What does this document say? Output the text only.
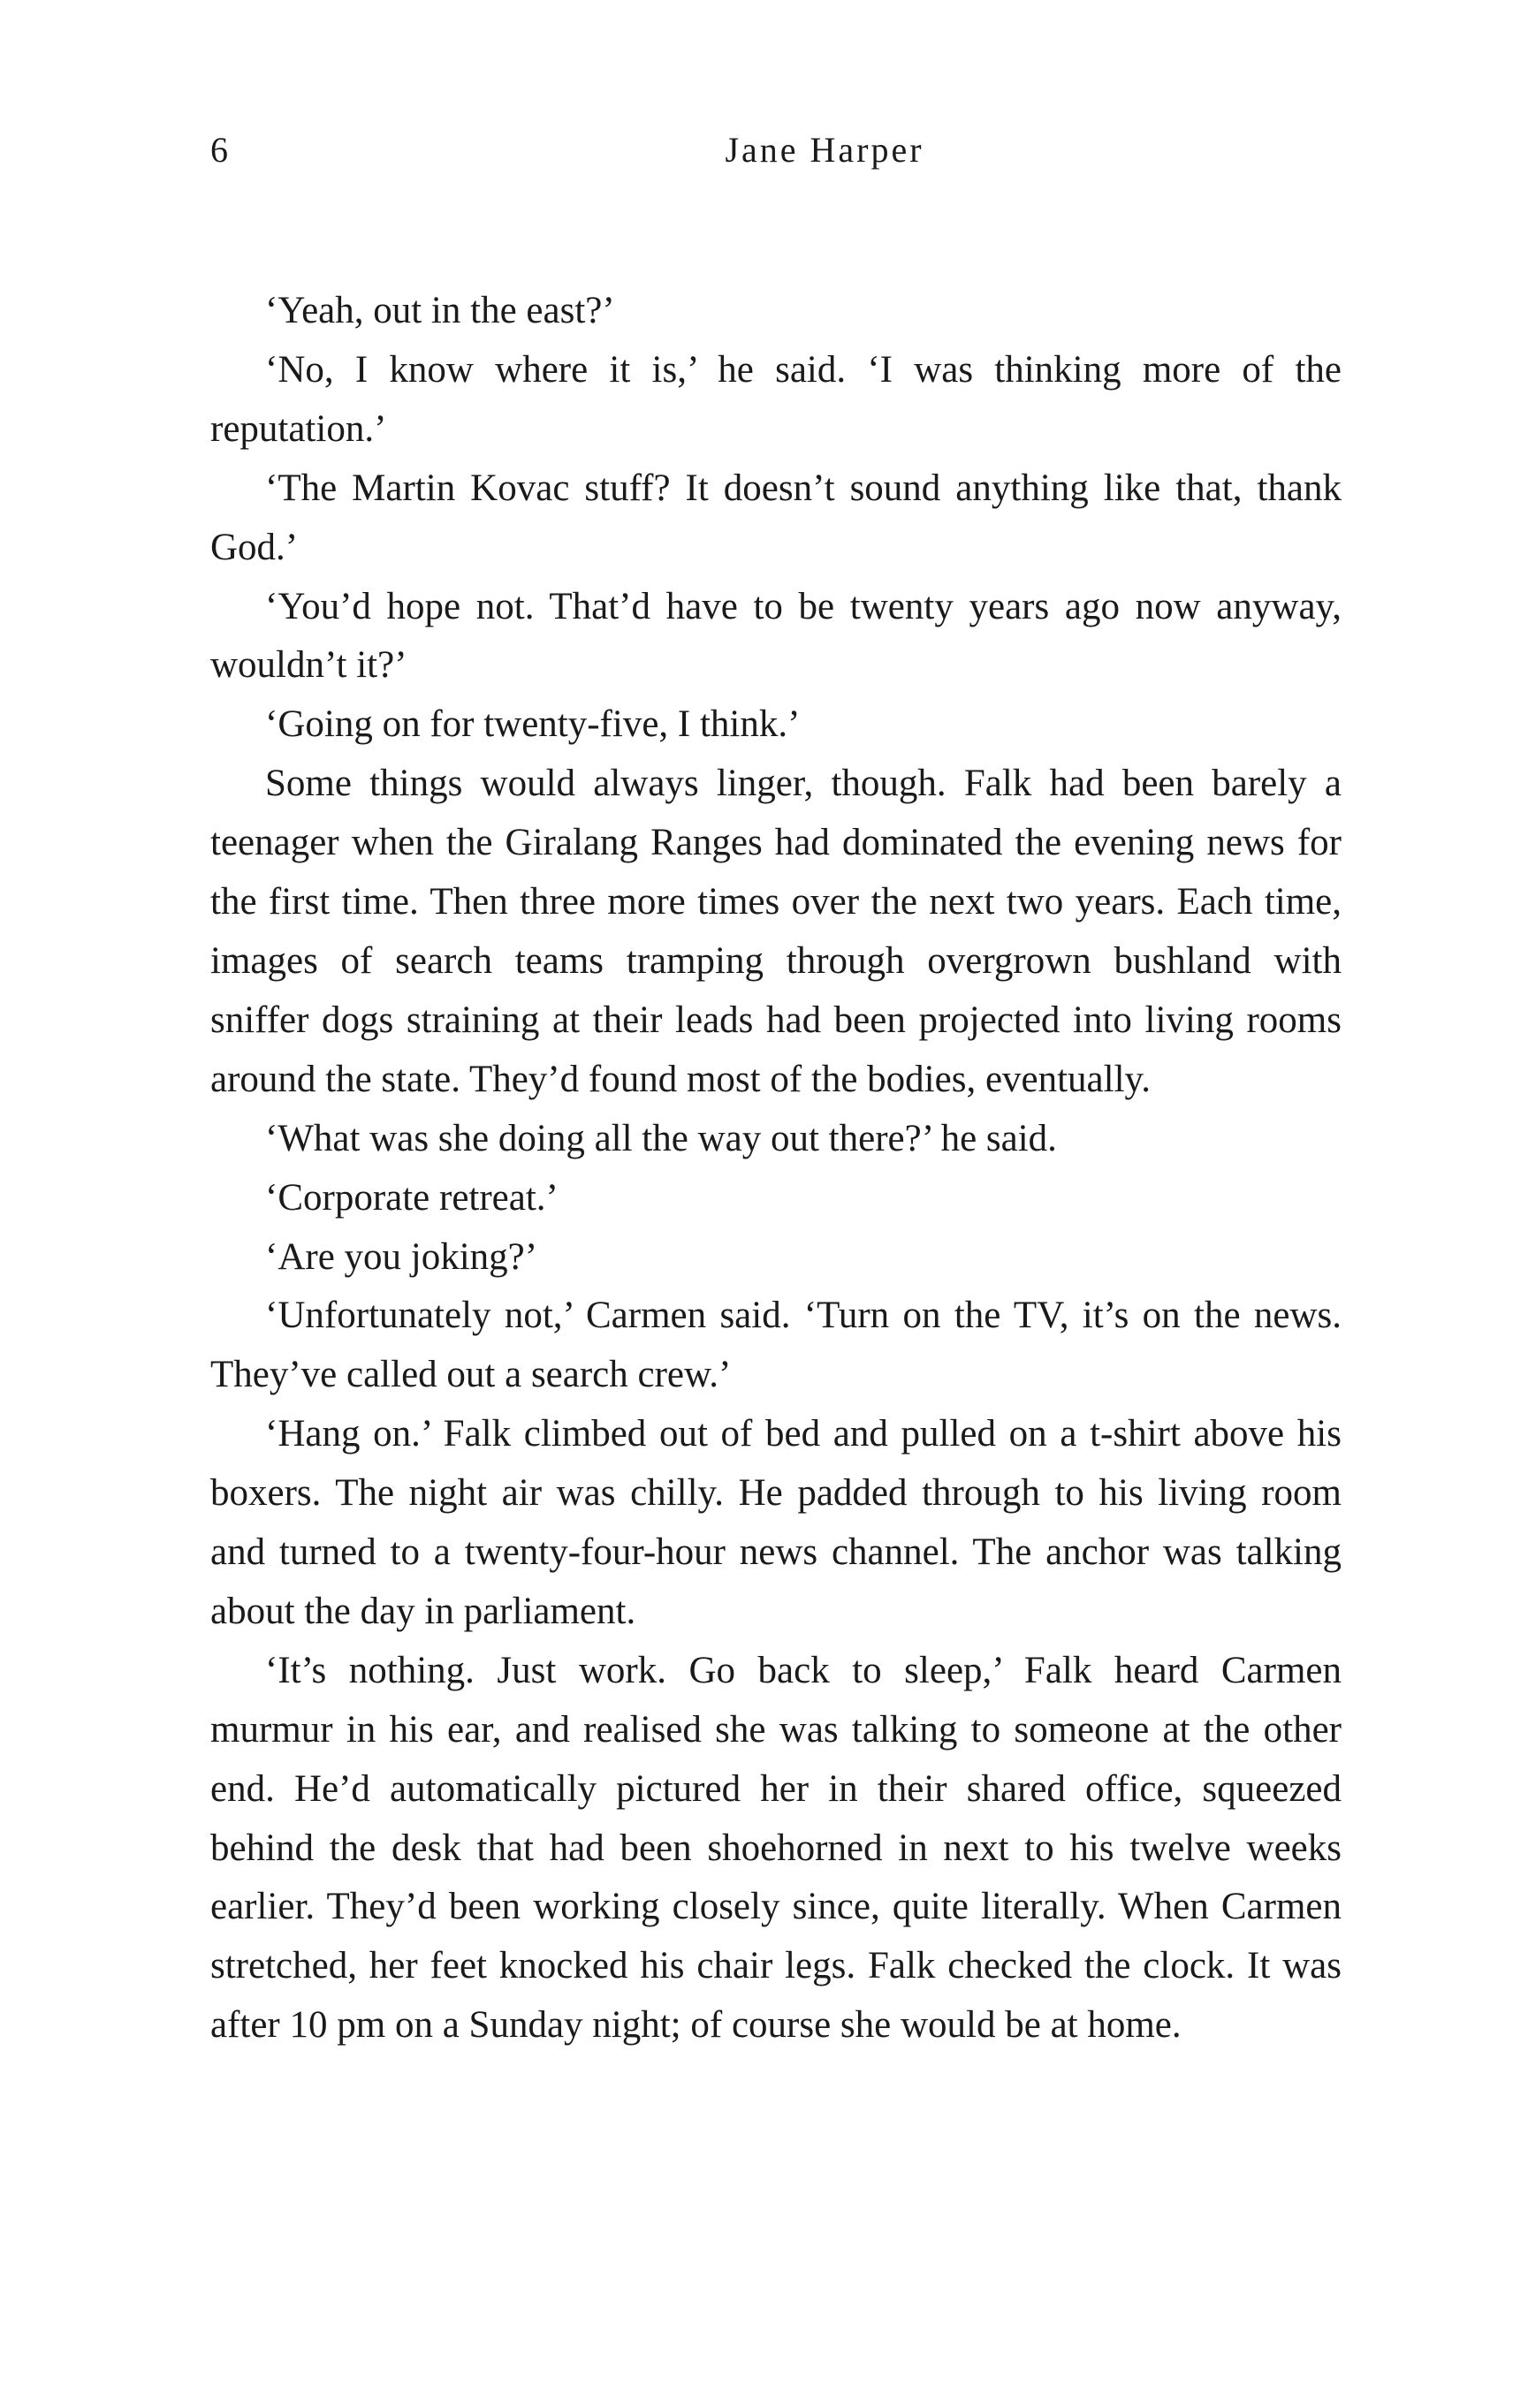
6	Jane Harper

‘Yeah, out in the east?’

‘No, I know where it is,’ he said. ‘I was thinking more of the reputation.’

‘The Martin Kovac stuff? It doesn’t sound anything like that, thank God.’

‘You’d hope not. That’d have to be twenty years ago now anyway, wouldn’t it?’

‘Going on for twenty-five, I think.’

Some things would always linger, though. Falk had been barely a teenager when the Giralang Ranges had dominated the evening news for the first time. Then three more times over the next two years. Each time, images of search teams tramping through overgrown bushland with sniffer dogs straining at their leads had been projected into living rooms around the state. They’d found most of the bodies, eventually.

‘What was she doing all the way out there?’ he said.

‘Corporate retreat.’

‘Are you joking?’

‘Unfortunately not,’ Carmen said. ‘Turn on the TV, it’s on the news. They’ve called out a search crew.’

‘Hang on.’ Falk climbed out of bed and pulled on a t-shirt above his boxers. The night air was chilly. He padded through to his living room and turned to a twenty-four-hour news channel. The anchor was talking about the day in parliament.

‘It’s nothing. Just work. Go back to sleep,’ Falk heard Carmen murmur in his ear, and realised she was talking to someone at the other end. He’d automatically pictured her in their shared office, squeezed behind the desk that had been shoehorned in next to his twelve weeks earlier. They’d been working closely since, quite literally. When Carmen stretched, her feet knocked his chair legs. Falk checked the clock. It was after 10 pm on a Sunday night; of course she would be at home.
